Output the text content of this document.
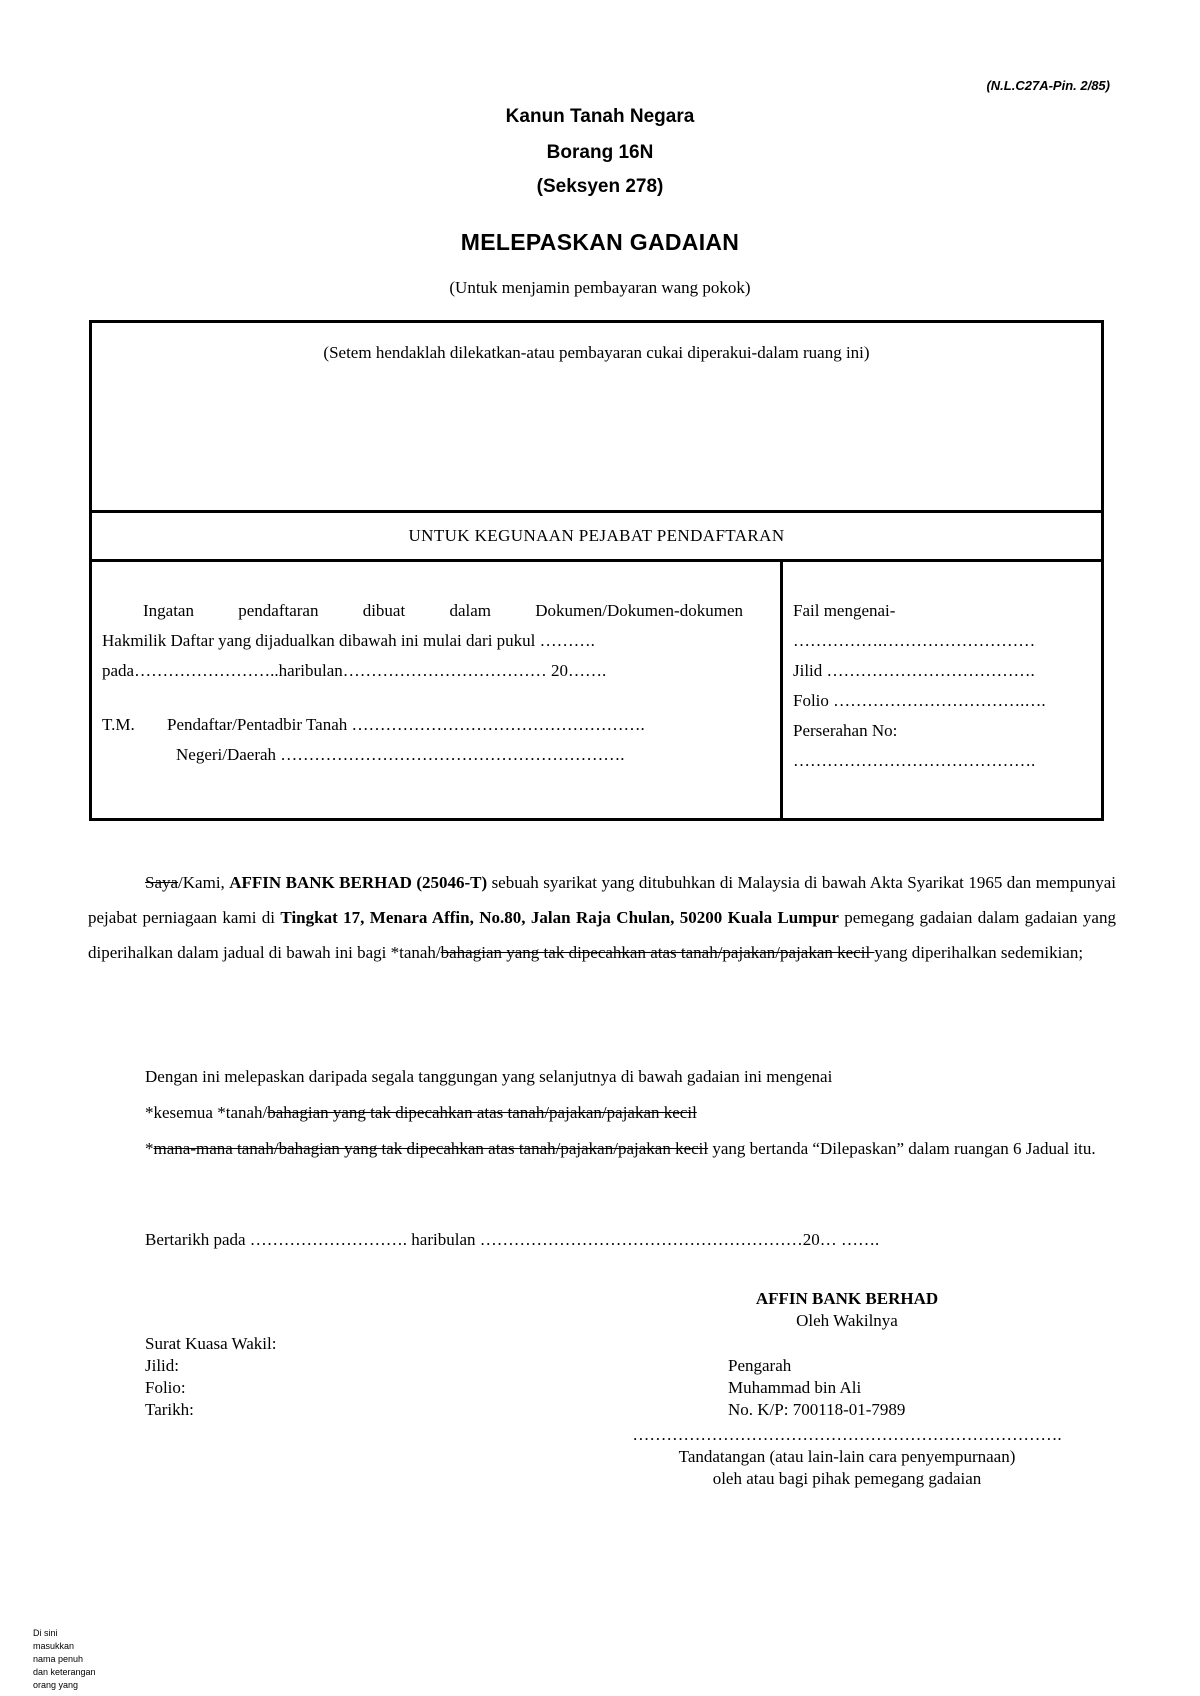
(N.L.C27A-Pin. 2/85)
Kanun Tanah Negara
Borang 16N
(Seksyen 278)
MELEPASKAN GADAIAN
(Untuk menjamin pembayaran wang pokok)
(Setem hendaklah dilekatkan-atau pembayaran cukai diperakui-dalam ruang ini)
UNTUK KEGUNAAN PEJABAT PENDAFTARAN
Ingatan pendaftaran dibuat dalam Dokumen/Dokumen-dokumen
Hakmilik Daftar yang dijadualkan dibawah ini mulai dari pukul ……….
pada……………………..haribulan……………………………… 20…….
T.M. Pendaftar/Pentadbir Tanah …………………………………………….
Negeri/Daerah …………………………………………………….
Fail mengenai-
…………….………………………
Jilid ……………………………….
Folio …………………………….….
Perserahan No:
…………………………………….
Saya/Kami, AFFIN BANK BERHAD (25046-T) sebuah syarikat yang ditubuhkan di Malaysia di bawah Akta Syarikat 1965 dan mempunyai pejabat perniagaan kami di Tingkat 17, Menara Affin, No.80, Jalan Raja Chulan, 50200 Kuala Lumpur pemegang gadaian dalam gadaian yang diperihalkan dalam jadual di bawah ini bagi *tanah/bahagian yang tak dipecahkan atas tanah/pajakan/pajakan kecil yang diperihalkan sedemikian;
Dengan ini melepaskan daripada segala tanggungan yang selanjutnya di bawah gadaian ini mengenai
*kesemua *tanah/bahagian yang tak dipecahkan atas tanah/pajakan/pajakan kecil
*mana-mana tanah/bahagian yang tak dipecahkan atas tanah/pajakan/pajakan kecil yang bertanda “Dilepaskan” dalam ruangan 6 Jadual itu.
Bertarikh pada ………………………. haribulan …………………………………………………20… …….
Surat Kuasa Wakil:
Jilid:
Folio:
Tarikh:
AFFIN BANK BERHAD
Oleh Wakilnya
Pengarah
Muhammad bin Ali
No. K/P: 700118-01-7989
………………………………………………………………….
Tandatangan (atau lain-lain cara penyempurnaan)
oleh atau bagi pihak pemegang gadaian
Di sini
masukkan
nama penuh
dan keterangan
orang yang
